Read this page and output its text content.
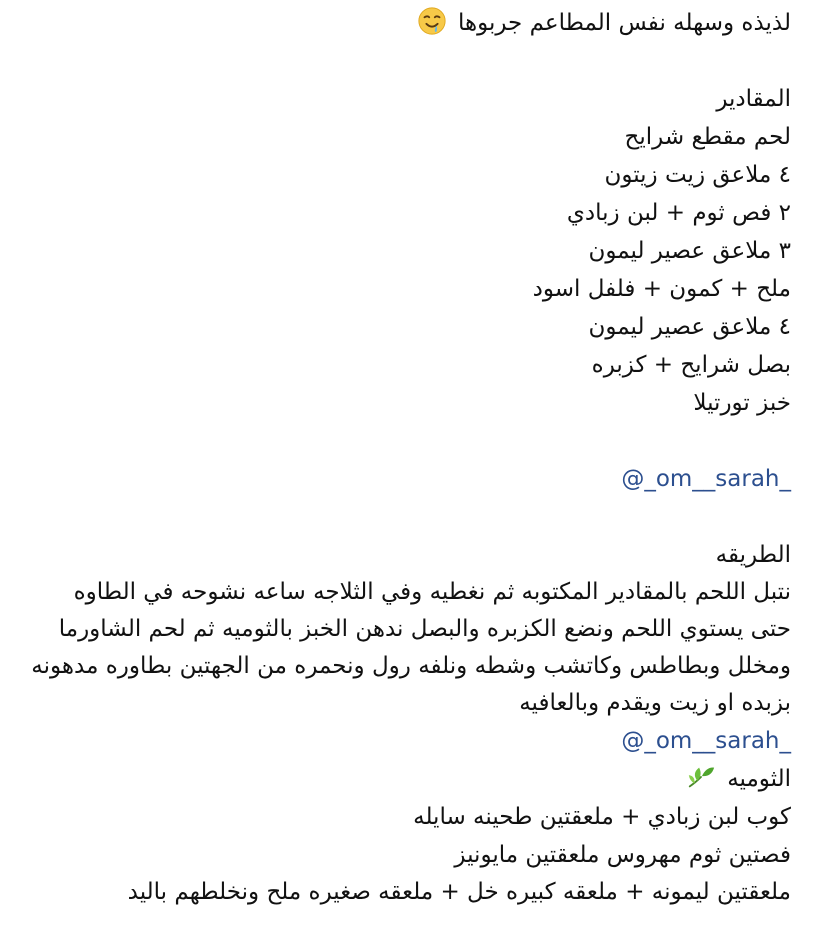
لذيذه وسهله نفس المطاعم جربوها
المقادير
لحم مقطع شرايح
٤ ملاعق زيت زيتون
٢ فص ثوم + لبن زبادي
٣ ملاعق عصير ليمون
ملح + كمون + فلفل اسود
٤ ملاعق عصير ليمون
بصل شرايح + كزبره
خبز تورتيلا
@_om__sarah_
الطريقه
نتبل اللحم بالمقادير المكتوبه ثم نغطيه وفي الثلاجه ساعه نشوحه في الطاوه حتى يستوي اللحم ونضع الكزبره والبصل ندهن الخبز بالثوميه ثم لحم الشاورما ومخلل وبطاطس وكاتشب وشطه ونلفه رول ونحمره من الجهتين بطاوره مدهونه بزبده او زيت ويقدم وبالعافيه
@_om__sarah_
الثوميه
كوب لبن زبادي + ملعقتين طحينه سايله
فصتين ثوم مهروس ملعقتين مايونيز
ملعقتين ليمونه + ملعقه كبيره خل + ملعقه صغيره ملح ونخلطهم باليد
